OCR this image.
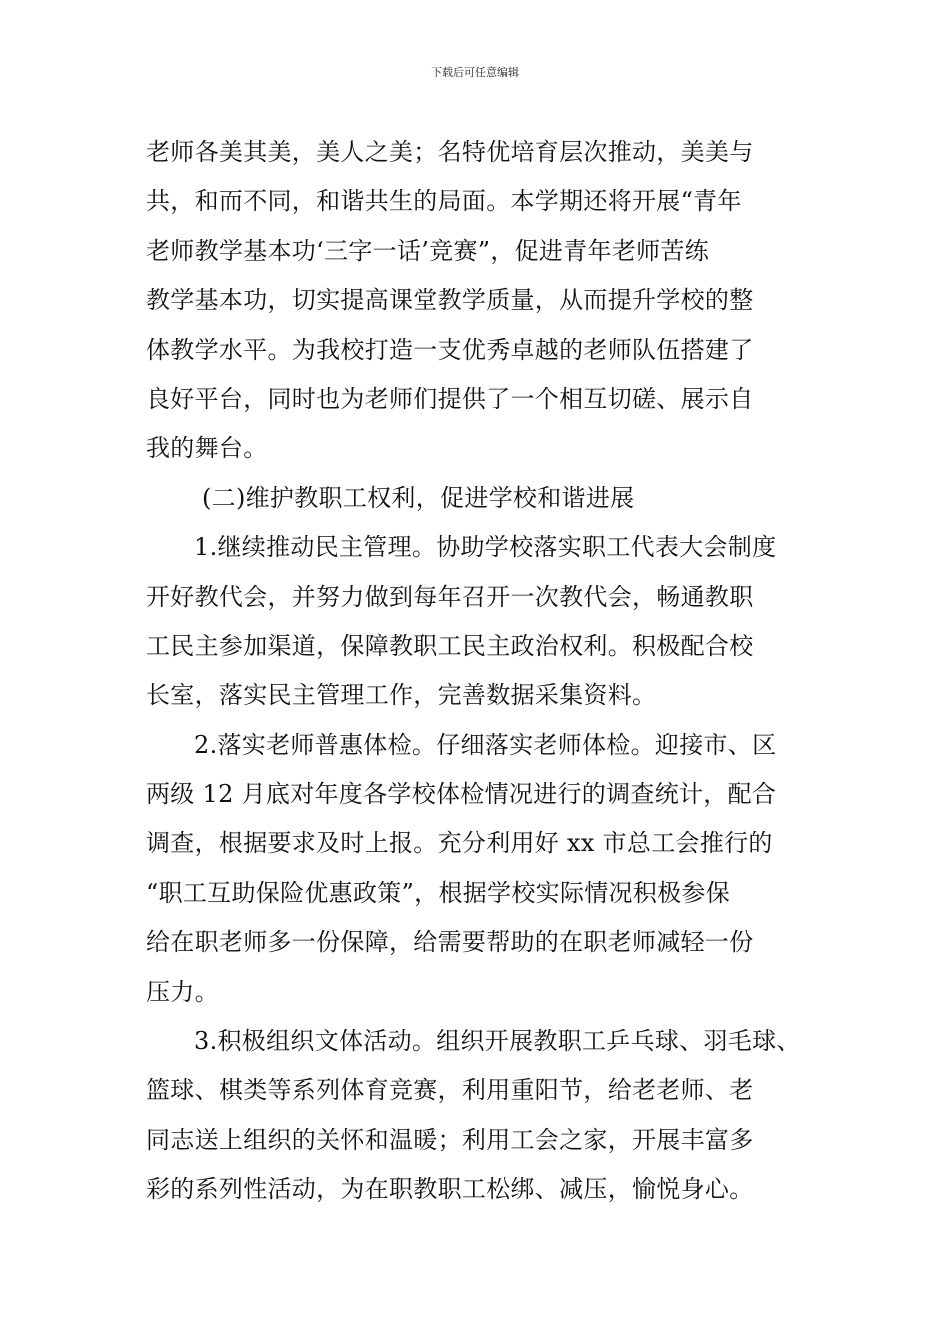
下载后可任意编辑
老师各美其美，美人之美；名特优培育层次推动，美美与
共，和而不同，和谐共生的局面。本学期还将开展“青年
老师教学基本功‘三字一话’竞赛”，促进青年老师苦练
教学基本功，切实提高课堂教学质量，从而提升学校的整
体教学水平。为我校打造一支优秀卓越的老师队伍搭建了
良好平台，同时也为老师们提供了一个相互切磋、展示自
我的舞台。
(二)维护教职工权利，促进学校和谐进展
1.继续推动民主管理。协助学校落实职工代表大会制度
开好教代会，并努力做到每年召开一次教代会，畅通教职
工民主参加渠道，保障教职工民主政治权利。积极配合校
长室，落实民主管理工作，完善数据采集资料。
2.落实老师普惠体检。仔细落实老师体检。迎接市、区
两级 12 月底对年度各学校体检情况进行的调查统计，配合
调查，根据要求及时上报。充分利用好 xx 市总工会推行的
“职工互助保险优惠政策”，根据学校实际情况积极参保
给在职老师多一份保障，给需要帮助的在职老师减轻一份
压力。
3.积极组织文体活动。组织开展教职工乒乓球、羽毛球、
篮球、棋类等系列体育竞赛，利用重阳节，给老老师、老
同志送上组织的关怀和温暖；利用工会之家，开展丰富多
彩的系列性活动，为在职教职工松绑、减压，愉悦身心。
